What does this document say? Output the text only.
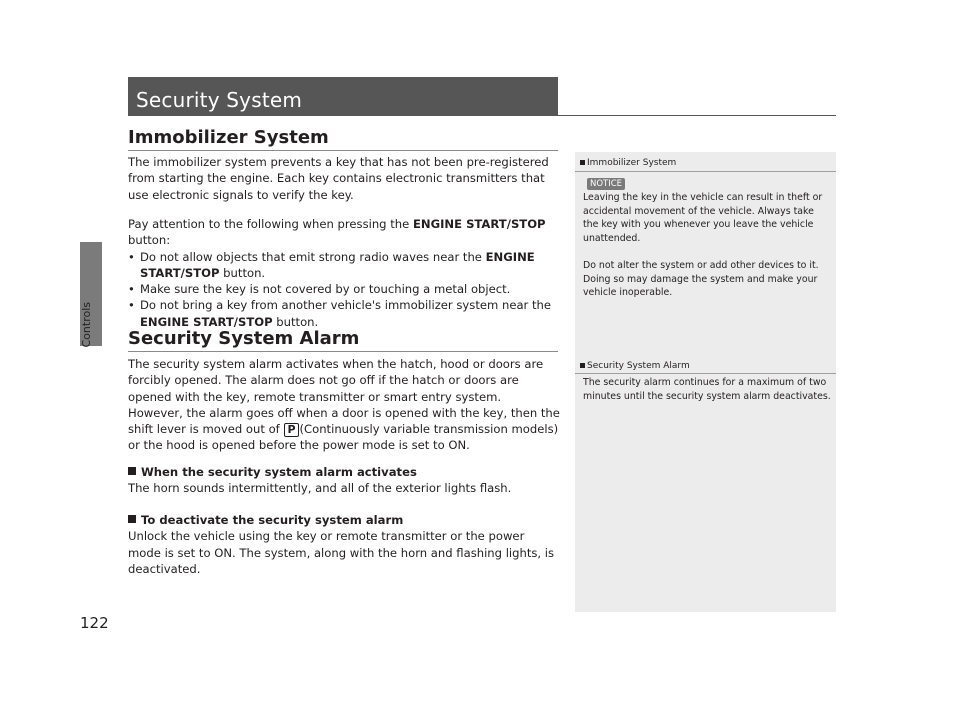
Controls
122
Security System
Immobilizer System
The immobilizer system prevents a key that has not been pre-registered from starting the engine. Each key contains electronic transmitters that use electronic signals to verify the key.
Pay attention to the following when pressing the ENGINE START/STOP button:
• Do not allow objects that emit strong radio waves near the ENGINE START/STOP button.
• Make sure the key is not covered by or touching a metal object.
• Do not bring a key from another vehicle's immobilizer system near the ENGINE START/STOP button.
Security System Alarm
The security system alarm activates when the hatch, hood or doors are forcibly opened. The alarm does not go off if the hatch or doors are opened with the key, remote transmitter or smart entry system.
However, the alarm goes off when a door is opened with the key, then the shift lever is moved out of P (Continuously variable transmission models) or the hood is opened before the power mode is set to ON.
When the security system alarm activates
The horn sounds intermittently, and all of the exterior lights flash.
To deactivate the security system alarm
Unlock the vehicle using the key or remote transmitter or the power mode is set to ON. The system, along with the horn and flashing lights, is deactivated.
Immobilizer System
NOTICE

Leaving the key in the vehicle can result in theft or accidental movement of the vehicle. Always take the key with you whenever you leave the vehicle unattended.

Do not alter the system or add other devices to it. Doing so may damage the system and make your vehicle inoperable.

Security System Alarm

The security alarm continues for a maximum of two minutes until the security system alarm deactivates.
